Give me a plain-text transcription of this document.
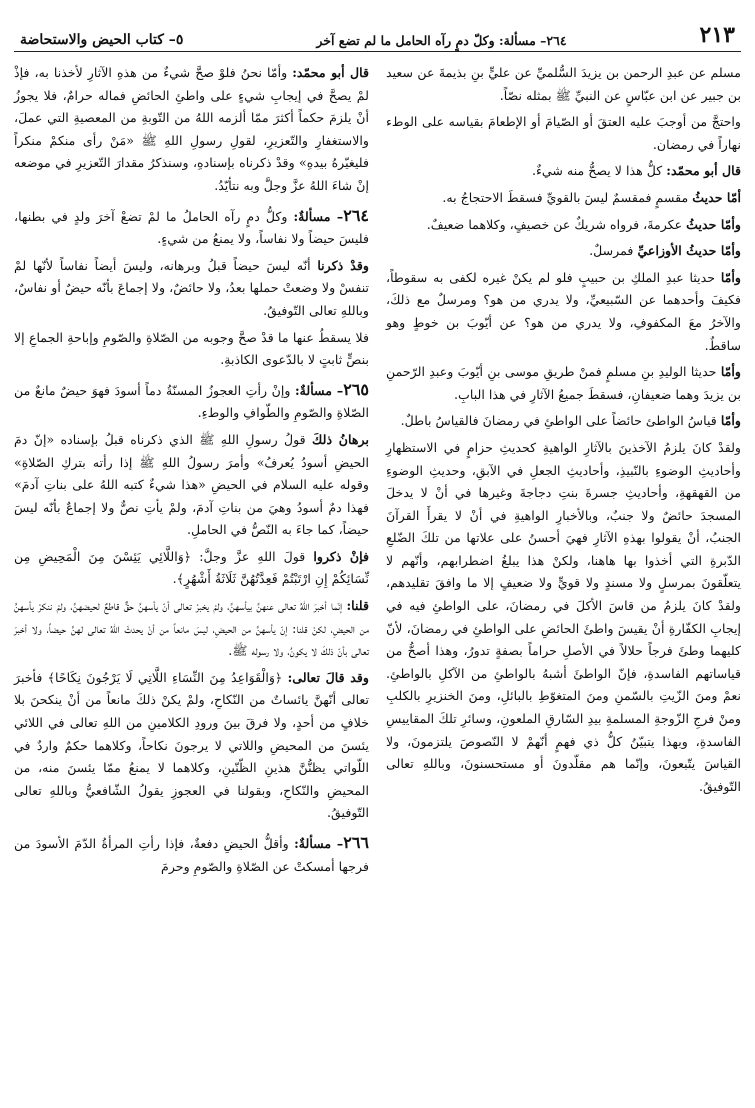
٥– كتاب الحيض والاستحاضة	٢٦٤– مسألة: وكلّ دمٍ رآه الحامل ما لم تضع آخر	٢١٣

مسلم عن عبدِ الرحمن بن يزيدَ السُّلميِّ عن عليٍّ بنِ بذيمةَ عن سعيد بن جبير عن ابن عبّاسٍ عن النبيِّ ﷺ بمثله نصّاً.

واحتجَّ من أوجبَ عليه العتقَ أو الصّيامَ أو الإطعامَ بقياسه على الوطء نهاراً في رمضان.

قال أبو محمّد: كلُّ هذا لا يصحُّ منه شيءٌ.

أمّا حديثُ مقسمٍ فمقسمٌ ليسَ بالقويِّ فسقطَ الاحتجاجُ به.

وأمّا حديثُ عكرمةَ، فرواه شريكٌ عن خصيفٍ، وكلاهما ضعيفٌ.

وأمّا حديثُ الأوزاعيِّ فمرسلٌ.

وأمّا حديثا عبدِ الملكِ بن حبيبٍ فلو لم يكنْ غيره لكفى به سقوطاً، فكيفَ وأحدهما عن السّبيعيِّ، ولا يدري من هو؟ ومرسلٌ مع ذلكَ، والآخرُ معَ المكفوفِ، ولا يدري من هو؟ عن أيّوبَ بن خوطٍ وهو ساقطٌ.

وأمّا حديثا الوليدِ بنِ مسلمٍ فمنْ طريقِ موسى بنِ أيّوبَ وعبدِ الرّحمنِ بن يزيدَ وهما ضعيفانِ، فسقطَ جميعُ الآثارِ في هذا البابِ.

وأمّا قياسُ الواطئ حائضاً على الواطئِ في رمضانَ فالقياسُ باطلٌ.

ولقدْ كانَ يلزمُ الآخذينَ بالآثارِ الواهيةِ كحديثِ حزامٍ في الاستظهارِ وأحاديثِ الوضوءِ بالنّبيذِ، وأحاديثِ الجعلِ في الآبقِ، وحديثِ الوضوءِ من القهقهةِ، وأحاديثِ جسرةَ بنتِ دجاجةَ وغيرها في أنْ لا يدخلَ المسجدَ حائضٌ ولا جنبٌ، وبالأخبارِ الواهيةِ في أنْ لا يقرأَ القرآنَ الجنبُ، أنْ يقولوا بهذهِ الآثارِ فهيَ أحسنُ على علاتها من تلكَ الضّلعِ الدّبرةِ التي أخذوا بها هاهنا، ولكنْ هذا يبلغُ اضطرابهم، وأنّهم لا يتعلّقونَ بمرسلٍ ولا مسندٍ ولا قويٍّ ولا ضعيفٍ إلا ما وافقَ تقليدهم، ولقدْ كانَ يلزمُ من قاسَ الأكلَ في رمضانَ، على الواطئِ فيه في إيجابِ الكفّارةِ أنْ يقيسَ واطئَ الحائضِ على الواطئِ في رمضانَ، لأنّ كليهما وطئَ فرجاً حلالاً في الأصلِ حراماً بصفةٍ تدورُ، وهذا أصحُّ من قياساتهم الفاسدةِ، فإنّ الواطئَ أشبهُ بالواطئِ من الآكلِ بالواطئِ. نعمْ ومنَ الزّيتِ بالسّمنِ ومنَ المتغوّطِ بالبائلِ، ومنَ الخنزيرِ بالكلبِ ومنْ فرجِ الزّوجةِ المسلمةِ بيدِ السّارقِ الملعونِ، وسائرِ تلكَ المقاييسِ الفاسدةِ، وبهذا يتبيّنُ كلُّ ذي فهمٍ أنّهمْ لا النّصوصَ يلتزمونَ، ولا القياسَ يتّبعونَ، وإنّما هم مقلّدونَ أو مستحسنونَ، وباللهِ تعالى التّوفيقُ.

قال أبو محمّد: وأمّا نحنُ فلوْ صحَّ شيءٌ من هذهِ الآثارِ لأخذنا به، فإذْ لمْ يصحَّ في إيجابِ شيءٍ على واطئِ الحائضِ فماله حرامٌ، فلا يجوزُ أنْ يلزمَ حكماً أكثرَ ممّا ألزمه اللهُ من التّوبةِ من المعصيةِ التي عملَ، والاستغفارِ والتّعزيرِ، لقولِ رسولِ اللهِ ﷺ «مَنْ رأى منكمْ منكراً فليغيّرهُ بيدهِ» وقدْ ذكرناه بإسنادهِ، وسنذكرُ مقدارَ التّعزيرِ في موضعه إنْ شاءَ اللهُ عزَّ وجلَّ وبه نتأيّدُ.

٢٦٤– مسألةٌ: وكلُّ دمٍ رآه الحاملُ ما لمْ تضعْ آخرَ ولدٍ في بطنها، فليسَ حيضاً ولا نفاساً، ولا يمنعُ من شيءٍ.

وقدْ ذكرنا أنّه ليسَ حيضاً قبلُ وبرهانه، وليسَ أيضاً نفاساً لأنّها لمْ تنفسْ ولا وضعتْ حملها بعدُ، ولا حائضٌ، ولا إجماعَ بأنّه حيضٌ أو نفاسٌ، وباللهِ تعالى التّوفيقُ.

فلا يسقطُ عنها ما قدْ صحَّ وجوبه من الصّلاةِ والصّومِ وإباحةِ الجماعِ إلا بنصٍّ ثابتٍ لا بالدّعوى الكاذبةِ.

٢٦٥– مسألةٌ: وإنْ رأتِ العجوزُ المسنّةُ دماً أسودَ فهوَ حيضٌ مانعٌ من الصّلاةِ والصّومِ والطّوافِ والوطءِ.

برهانُ ذلكَ قولُ رسولِ اللهِ ﷺ الذي ذكرناه قبلُ بإسناده «إنّ دمَ الحيضِ أسودُ يُعرفُ» وأمرَ رسولُ اللهِ ﷺ إذا رأته بتركِ الصّلاةِ» وقوله عليه السلام في الحيضِ «هذا شيءٌ كتبه اللهُ على بناتِ آدمَ» فهذا دمٌ أسودُ وهيَ من بناتِ آدمَ، ولمْ يأتِ نصٌّ ولا إجماعٌ بأنّه ليسَ حيضاً، كما جاءَ به النّصُّ في الحاملِ.

فإنْ ذكروا قولَ اللهِ عزَّ وجلَّ: ﴿وَاللَّائِي يَئِسْنَ مِنَ الْمَحِيضِ مِن نِّسَائِكُمْ إِنِ ارْتَبْتُمْ فَعِدَّتُهُنَّ ثَلَاثَةُ أَشْهُرٍ﴾.

قلنا: إنّما أخبرَ اللهُ تعالى عنهنَّ بيأسهنَّ، ولمْ يخبرْ تعالى أنّ يأسهنَّ حقٌّ قاطعٌ لحيضهنَّ، ولمْ ننكرْ يأسهنَّ من الحيضِ، لكنْ قلنا: إنّ يأسهنَّ من الحيضِ، ليسَ مانعاً من أنْ يحدثَ اللهُ تعالى لهنَّ حيضاً، ولا أخبرَ تعالى بأنّ ذلكَ لا يكونُ، ولا رسوله ﷺ.

وقد قالَ تعالى: ﴿وَالْقَوَاعِدُ مِنَ النِّسَاءِ اللَّاتِي لَا يَرْجُونَ نِكَاحًا﴾ فأخبرَ تعالى أنّهنَّ يائساتٌ من النّكاحِ، ولمْ يكنْ ذلكَ مانعاً من أنْ ينكحنَ بلا خلافٍ من أحدٍ، ولا فرقَ بينَ ورودِ الكلامينِ من اللهِ تعالى في اللائي يئسنَ من المحيضِ واللاتي لا يرجونَ نكاحاً، وكلاهما حكمٌ واردٌ في اللّواتي يظنُّنَّ هذينِ الظّنّينِ، وكلاهما لا يمنعُ ممّا يئسنَ منه، من المحيضِ والنّكاحِ، وبقولنا في العجوزِ يقولُ الشّافعيُّ وباللهِ تعالى التّوفيقُ.

٢٦٦– مسألةٌ: وأقلُّ الحيضِ دفعةٌ، فإذا رأتِ المرأةُ الدّمَ الأسودَ من فرجها أمسكتْ عن الصّلاةِ والصّومِ وحرمَ
